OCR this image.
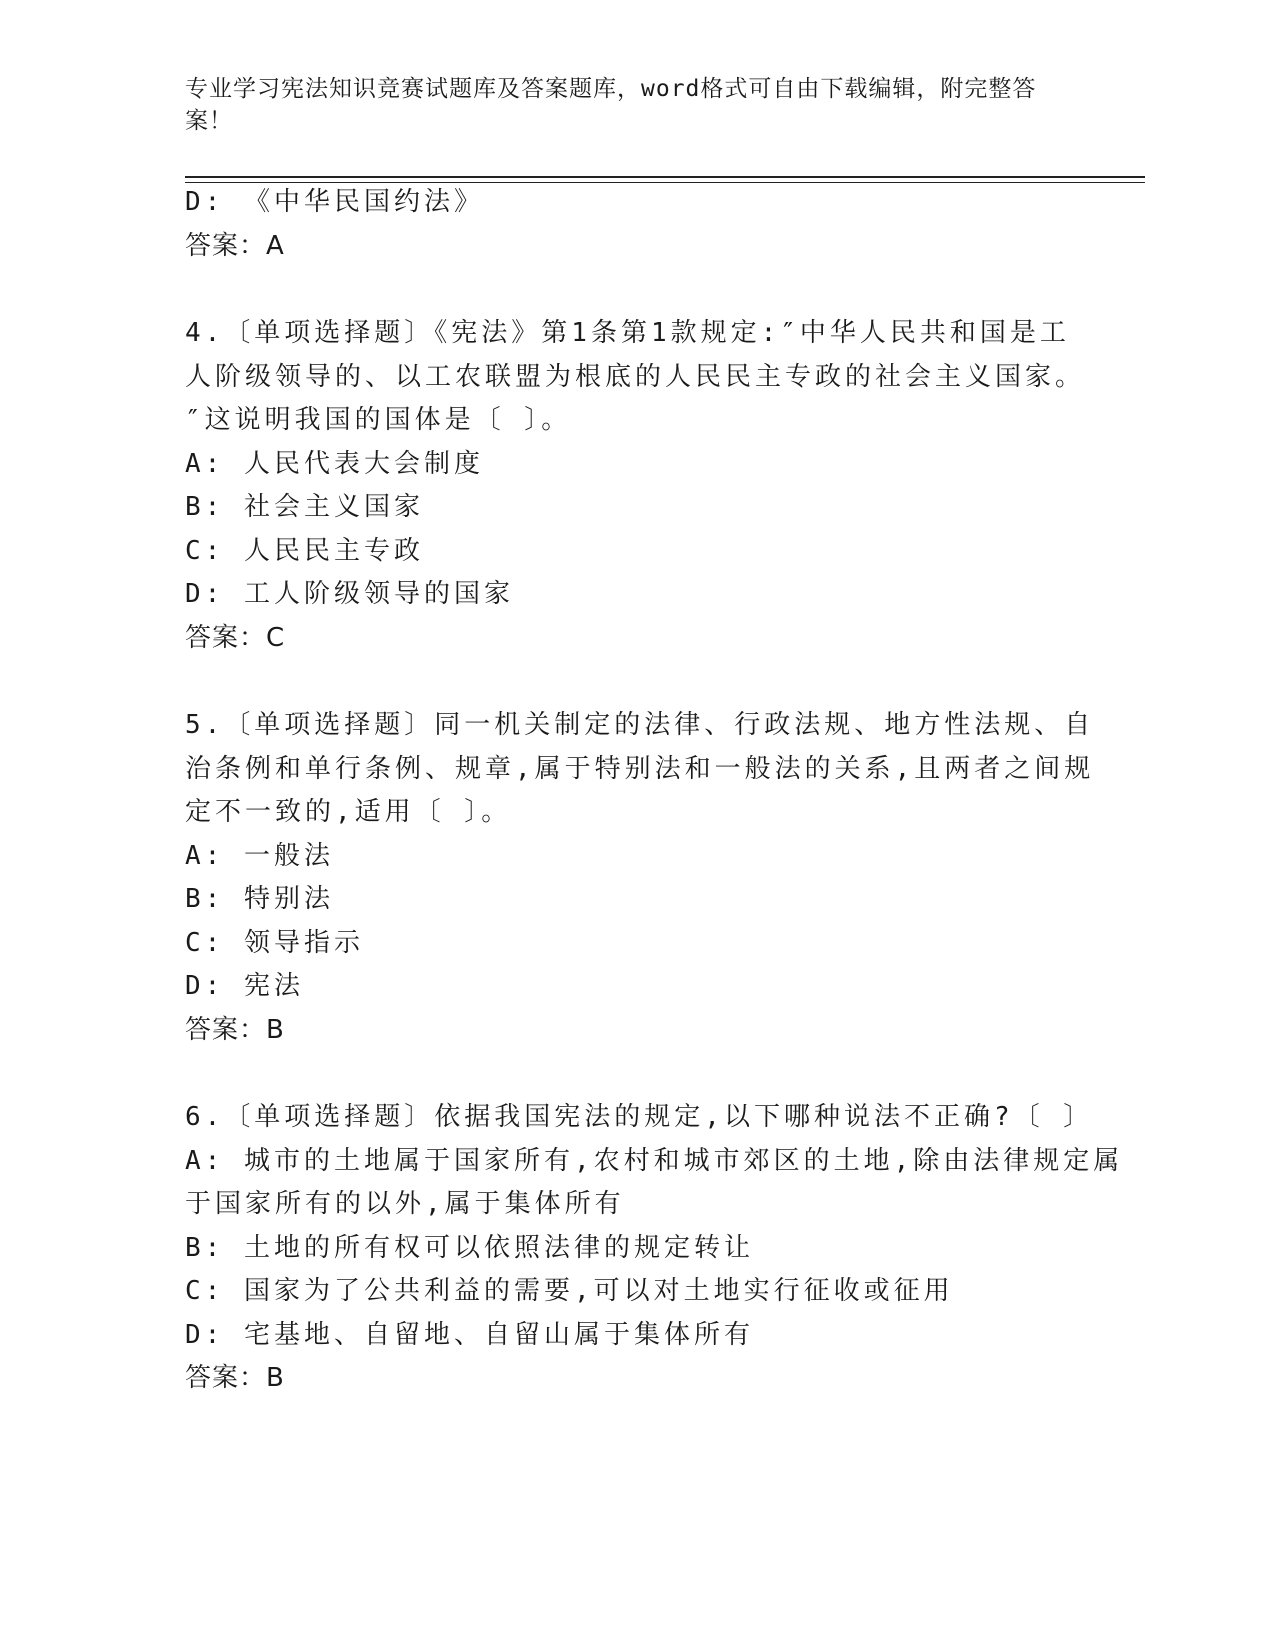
专业学习宪法知识竞赛试题库及答案题库，word格式可自由下载编辑，附完整答案！
D: 《中华民国约法》
答案：A
4.〔单项选择题〕《宪法》第1条第1款规定:″中华人民共和国是工
人阶级领导的、以工农联盟为根底的人民民主专政的社会主义国家。
″这说明我国的国体是〔 〕。
A: 人民代表大会制度
B: 社会主义国家
C: 人民民主专政
D: 工人阶级领导的国家
答案：C
5.〔单项选择题〕同一机关制定的法律、行政法规、地方性法规、自
治条例和单行条例、规章,属于特别法和一般法的关系,且两者之间规
定不一致的,适用〔 〕。
A: 一般法
B: 特别法
C: 领导指示
D: 宪法
答案：B
6.〔单项选择题〕依据我国宪法的规定,以下哪种说法不正确?〔 〕
A: 城市的土地属于国家所有,农村和城市郊区的土地,除由法律规定属
于国家所有的以外,属于集体所有
B: 土地的所有权可以依照法律的规定转让
C: 国家为了公共利益的需要,可以对土地实行征收或征用
D: 宅基地、自留地、自留山属于集体所有
答案：B
